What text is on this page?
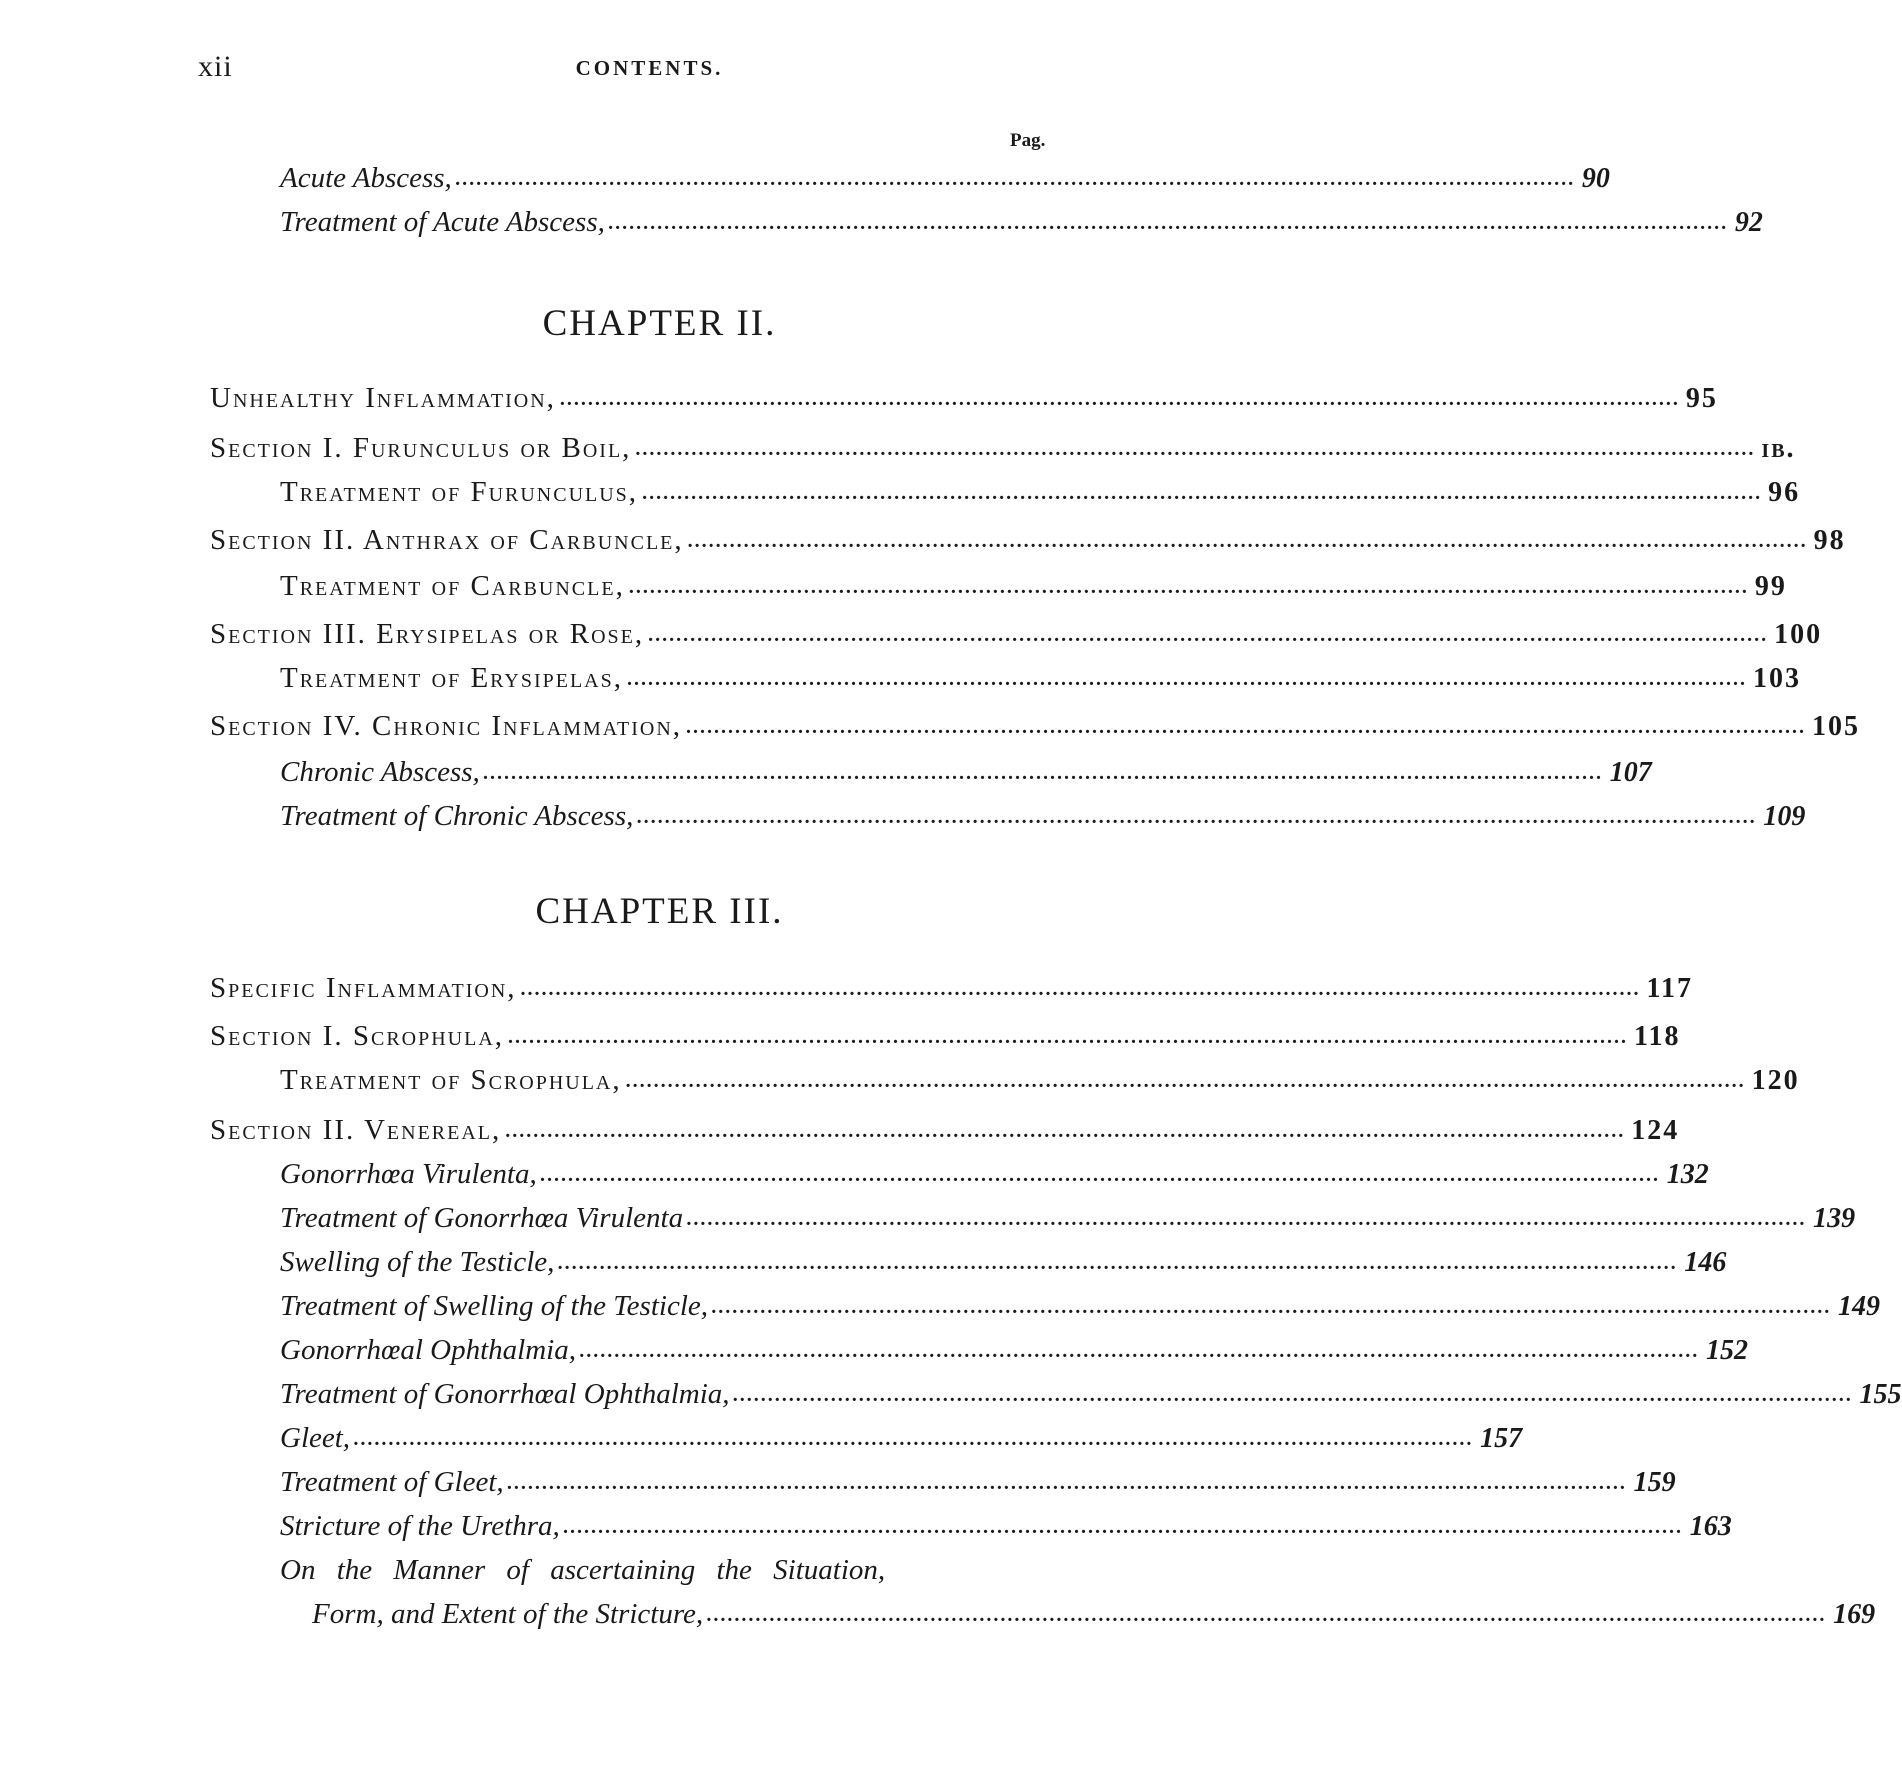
xii	CONTENTS.
Pag.
Acute Abscess, ................................................................................................................................................................ 90
Treatment of Acute Abscess, ................................................................................................................................................................ 92
CHAPTER II.
Unhealthy Inflammation, ................................................................................................................................................................ 95
Section I. Furunculus or Boil, ................................................................................................................................................................ ib.
Treatment of Furunculus, ................................................................................................................................................................ 96
Section II. Anthrax of Carbuncle, ................................................................................................................................................................ 98
Treatment of Carbuncle, ................................................................................................................................................................ 99
Section III. Erysipelas or Rose, ................................................................................................................................................................ 100
Treatment of Erysipelas, ................................................................................................................................................................ 103
Section IV. Chronic Inflammation, ................................................................................................................................................................ 105
Chronic Abscess, ................................................................................................................................................................ 107
Treatment of Chronic Abscess, ................................................................................................................................................................ 109
CHAPTER III.
Specific Inflammation, ................................................................................................................................................................ 117
Section I. Scrophula, ................................................................................................................................................................ 118
Treatment of Scrophula, ................................................................................................................................................................ 120
Section II. Venereal, ................................................................................................................................................................ 124
Gonorrhœa Virulenta, ................................................................................................................................................................ 132
Treatment of Gonorrhœa Virulenta ................................................................................................................................................................ 139
Swelling of the Testicle, ................................................................................................................................................................ 146
Treatment of Swelling of the Testicle, ................................................................................................................................................................ 149
Gonorrhœal Ophthalmia, ................................................................................................................................................................ 152
Treatment of Gonorrhœal Ophthalmia, ................................................................................................................................................................ 155
Gleet, ................................................................................................................................................................ 157
Treatment of Gleet, ................................................................................................................................................................ 159
Stricture of the Urethra, ................................................................................................................................................................ 163
On the Manner of ascertaining the Situation,
Form, and Extent of the Stricture, ................................................................................................................................................................ 169
